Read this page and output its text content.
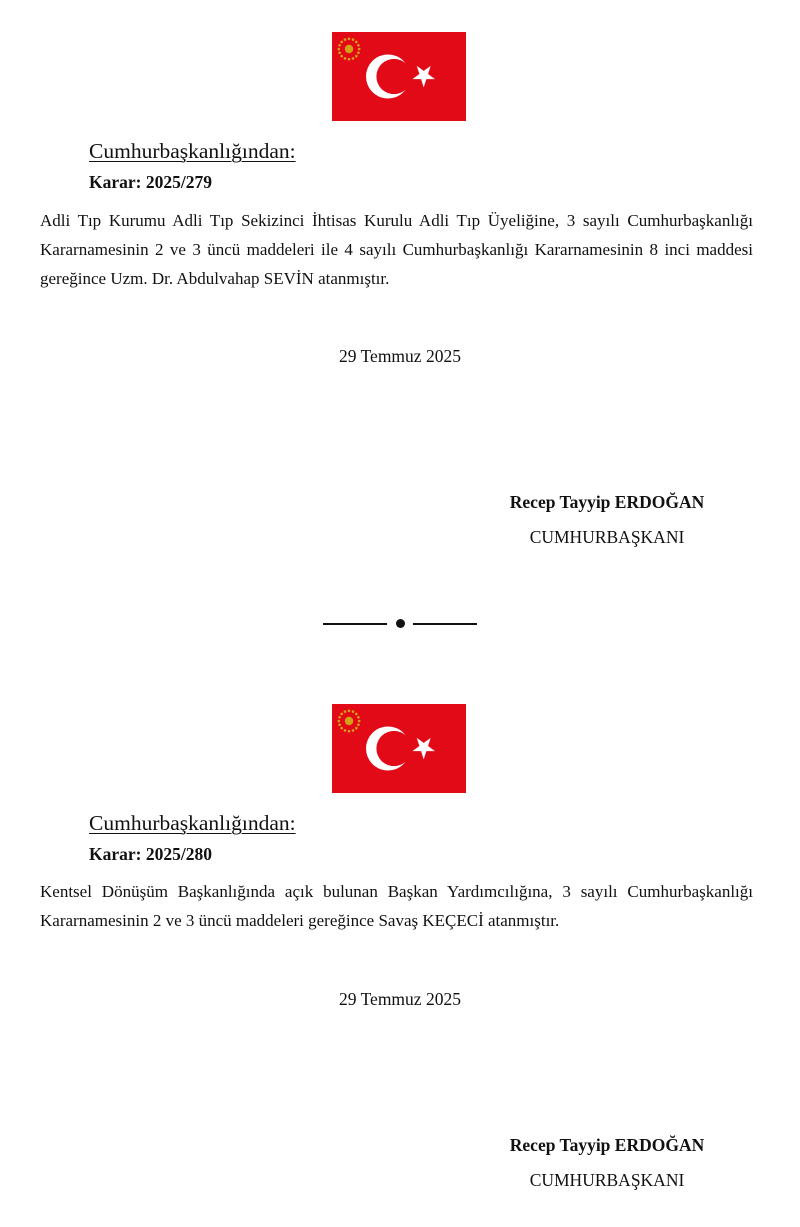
Cumhurbaşkanlığından:
Karar: 2025/279
Adli Tıp Kurumu Adli Tıp Sekizinci İhtisas Kurulu Adli Tıp Üyeliğine, 3 sayılı Cumhurbaşkanlığı Kararnamesinin 2 ve 3 üncü maddeleri ile 4 sayılı Cumhurbaşkanlığı Kararnamesinin 8 inci maddesi gereğince Uzm. Dr. Abdulvahap SEVİN atanmıştır.
29 Temmuz 2025
Recep Tayyip ERDOĞAN
CUMHURBAŞKANI
Cumhurbaşkanlığından:
Karar: 2025/280
Kentsel Dönüşüm Başkanlığında açık bulunan Başkan Yardımcılığına, 3 sayılı Cumhurbaşkanlığı Kararnamesinin 2 ve 3 üncü maddeleri gereğince Savaş KEÇECİ atanmıştır.
29 Temmuz 2025
Recep Tayyip ERDOĞAN
CUMHURBAŞKANI
